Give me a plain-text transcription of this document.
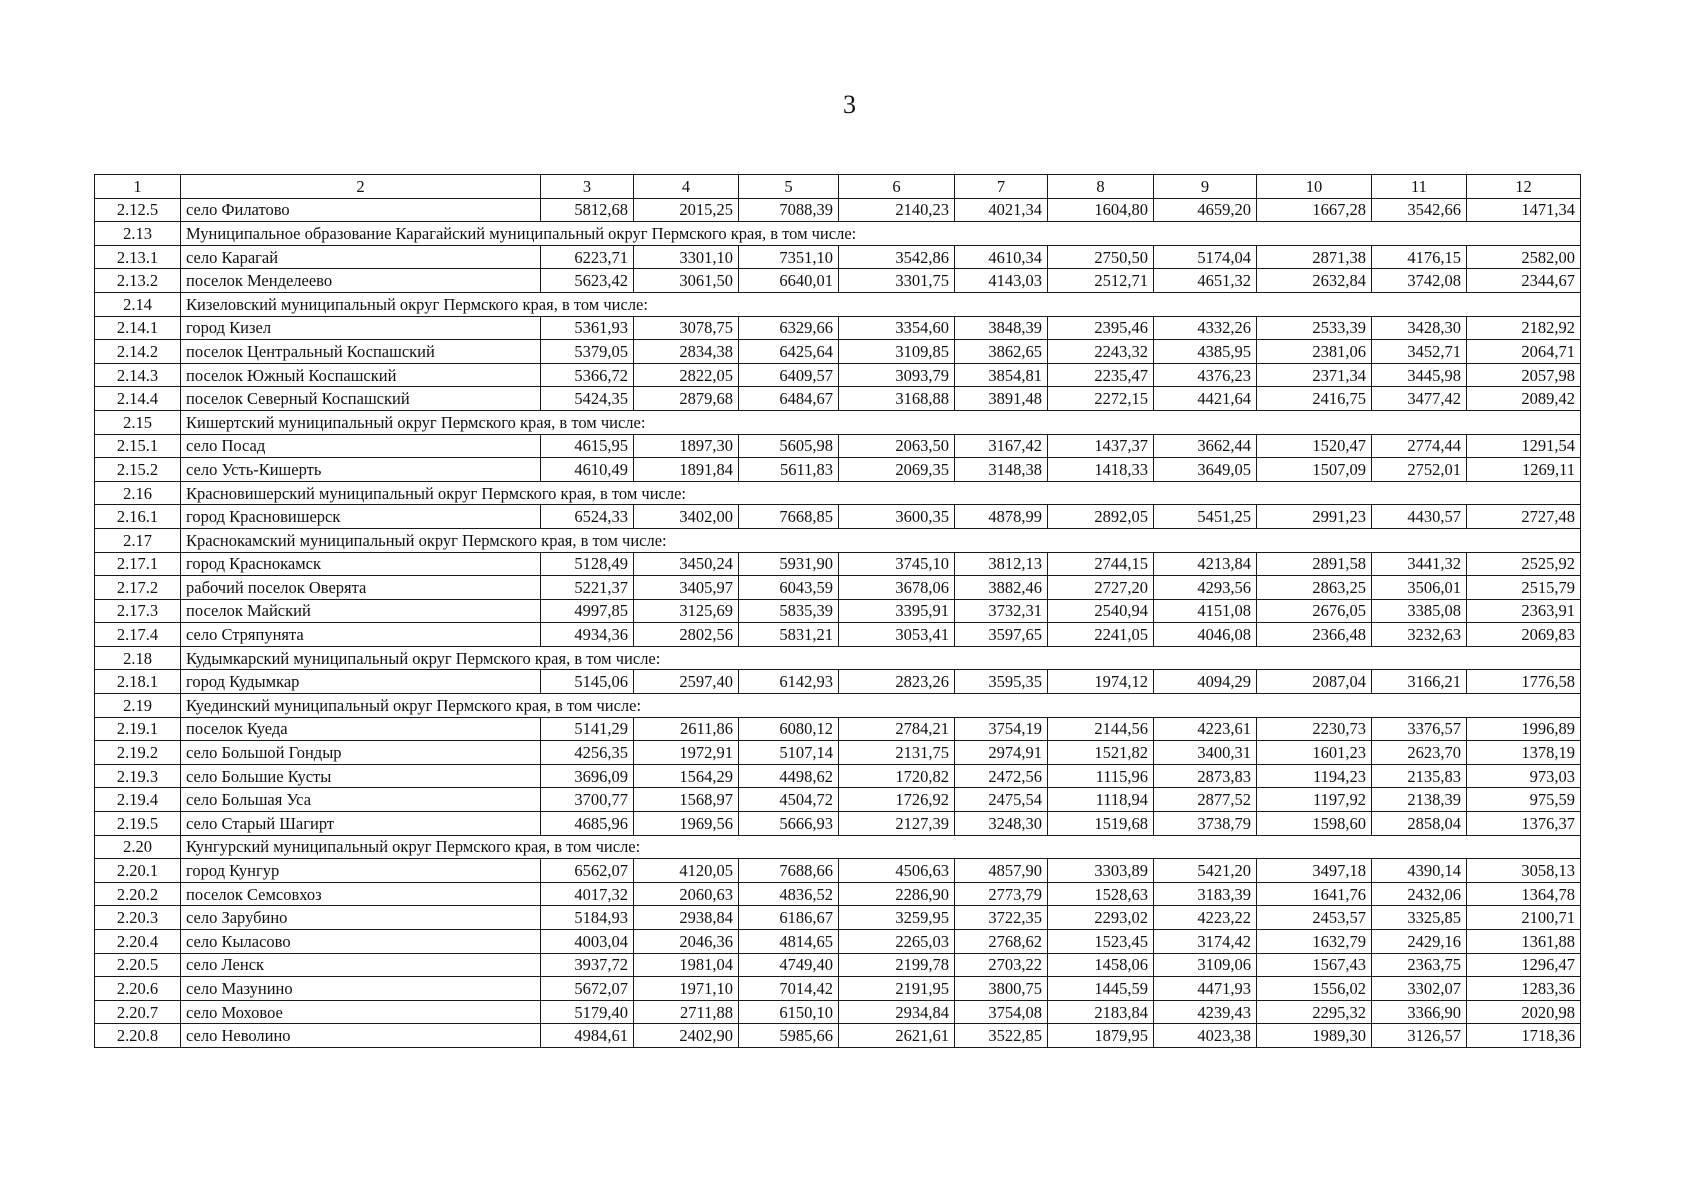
3
1	2	3	4	5	6	7	8	9	10	11	12
2.12.5	село Филатово	5812,68	2015,25	7088,39	2140,23	4021,34	1604,80	4659,20	1667,28	3542,66	1471,34
2.13	Муниципальное образование Карагайский муниципальный округ Пермского края, в том числе:										
2.13.1	село Карагай	6223,71	3301,10	7351,10	3542,86	4610,34	2750,50	5174,04	2871,38	4176,15	2582,00
2.13.2	поселок Менделеево	5623,42	3061,50	6640,01	3301,75	4143,03	2512,71	4651,32	2632,84	3742,08	2344,67
2.14	Кизеловский муниципальный округ Пермского края, в том числе:										
2.14.1	город Кизел	5361,93	3078,75	6329,66	3354,60	3848,39	2395,46	4332,26	2533,39	3428,30	2182,92
2.14.2	поселок Центральный Коспашский	5379,05	2834,38	6425,64	3109,85	3862,65	2243,32	4385,95	2381,06	3452,71	2064,71
2.14.3	поселок Южный Коспашский	5366,72	2822,05	6409,57	3093,79	3854,81	2235,47	4376,23	2371,34	3445,98	2057,98
2.14.4	поселок Северный Коспашский	5424,35	2879,68	6484,67	3168,88	3891,48	2272,15	4421,64	2416,75	3477,42	2089,42
2.15	Кишертский муниципальный округ Пермского края, в том числе:										
2.15.1	село Посад	4615,95	1897,30	5605,98	2063,50	3167,42	1437,37	3662,44	1520,47	2774,44	1291,54
2.15.2	село Усть-Кишерть	4610,49	1891,84	5611,83	2069,35	3148,38	1418,33	3649,05	1507,09	2752,01	1269,11
2.16	Красновишерский муниципальный округ Пермского края, в том числе:										
2.16.1	город Красновишерск	6524,33	3402,00	7668,85	3600,35	4878,99	2892,05	5451,25	2991,23	4430,57	2727,48
2.17	Краснокамский муниципальный округ Пермского края, в том числе:										
2.17.1	город Краснокамск	5128,49	3450,24	5931,90	3745,10	3812,13	2744,15	4213,84	2891,58	3441,32	2525,92
2.17.2	рабочий поселок Оверята	5221,37	3405,97	6043,59	3678,06	3882,46	2727,20	4293,56	2863,25	3506,01	2515,79
2.17.3	поселок Майский	4997,85	3125,69	5835,39	3395,91	3732,31	2540,94	4151,08	2676,05	3385,08	2363,91
2.17.4	село Стряпунята	4934,36	2802,56	5831,21	3053,41	3597,65	2241,05	4046,08	2366,48	3232,63	2069,83
2.18	Кудымкарский муниципальный округ Пермского края, в том числе:										
2.18.1	город Кудымкар	5145,06	2597,40	6142,93	2823,26	3595,35	1974,12	4094,29	2087,04	3166,21	1776,58
2.19	Куединский муниципальный округ Пермского края, в том числе:										
2.19.1	поселок Куеда	5141,29	2611,86	6080,12	2784,21	3754,19	2144,56	4223,61	2230,73	3376,57	1996,89
2.19.2	село Большой Гондыр	4256,35	1972,91	5107,14	2131,75	2974,91	1521,82	3400,31	1601,23	2623,70	1378,19
2.19.3	село Большие Кусты	3696,09	1564,29	4498,62	1720,82	2472,56	1115,96	2873,83	1194,23	2135,83	973,03
2.19.4	село Большая Уса	3700,77	1568,97	4504,72	1726,92	2475,54	1118,94	2877,52	1197,92	2138,39	975,59
2.19.5	село Старый Шагирт	4685,96	1969,56	5666,93	2127,39	3248,30	1519,68	3738,79	1598,60	2858,04	1376,37
2.20	Кунгурский муниципальный округ Пермского края, в том числе:										
2.20.1	город Кунгур	6562,07	4120,05	7688,66	4506,63	4857,90	3303,89	5421,20	3497,18	4390,14	3058,13
2.20.2	поселок Семсовхоз	4017,32	2060,63	4836,52	2286,90	2773,79	1528,63	3183,39	1641,76	2432,06	1364,78
2.20.3	село Зарубино	5184,93	2938,84	6186,67	3259,95	3722,35	2293,02	4223,22	2453,57	3325,85	2100,71
2.20.4	село Кыласово	4003,04	2046,36	4814,65	2265,03	2768,62	1523,45	3174,42	1632,79	2429,16	1361,88
2.20.5	село Ленск	3937,72	1981,04	4749,40	2199,78	2703,22	1458,06	3109,06	1567,43	2363,75	1296,47
2.20.6	село Мазунино	5672,07	1971,10	7014,42	2191,95	3800,75	1445,59	4471,93	1556,02	3302,07	1283,36
2.20.7	село Моховое	5179,40	2711,88	6150,10	2934,84	3754,08	2183,84	4239,43	2295,32	3366,90	2020,98
2.20.8	село Неволино	4984,61	2402,90	5985,66	2621,61	3522,85	1879,95	4023,38	1989,30	3126,57	1718,36
